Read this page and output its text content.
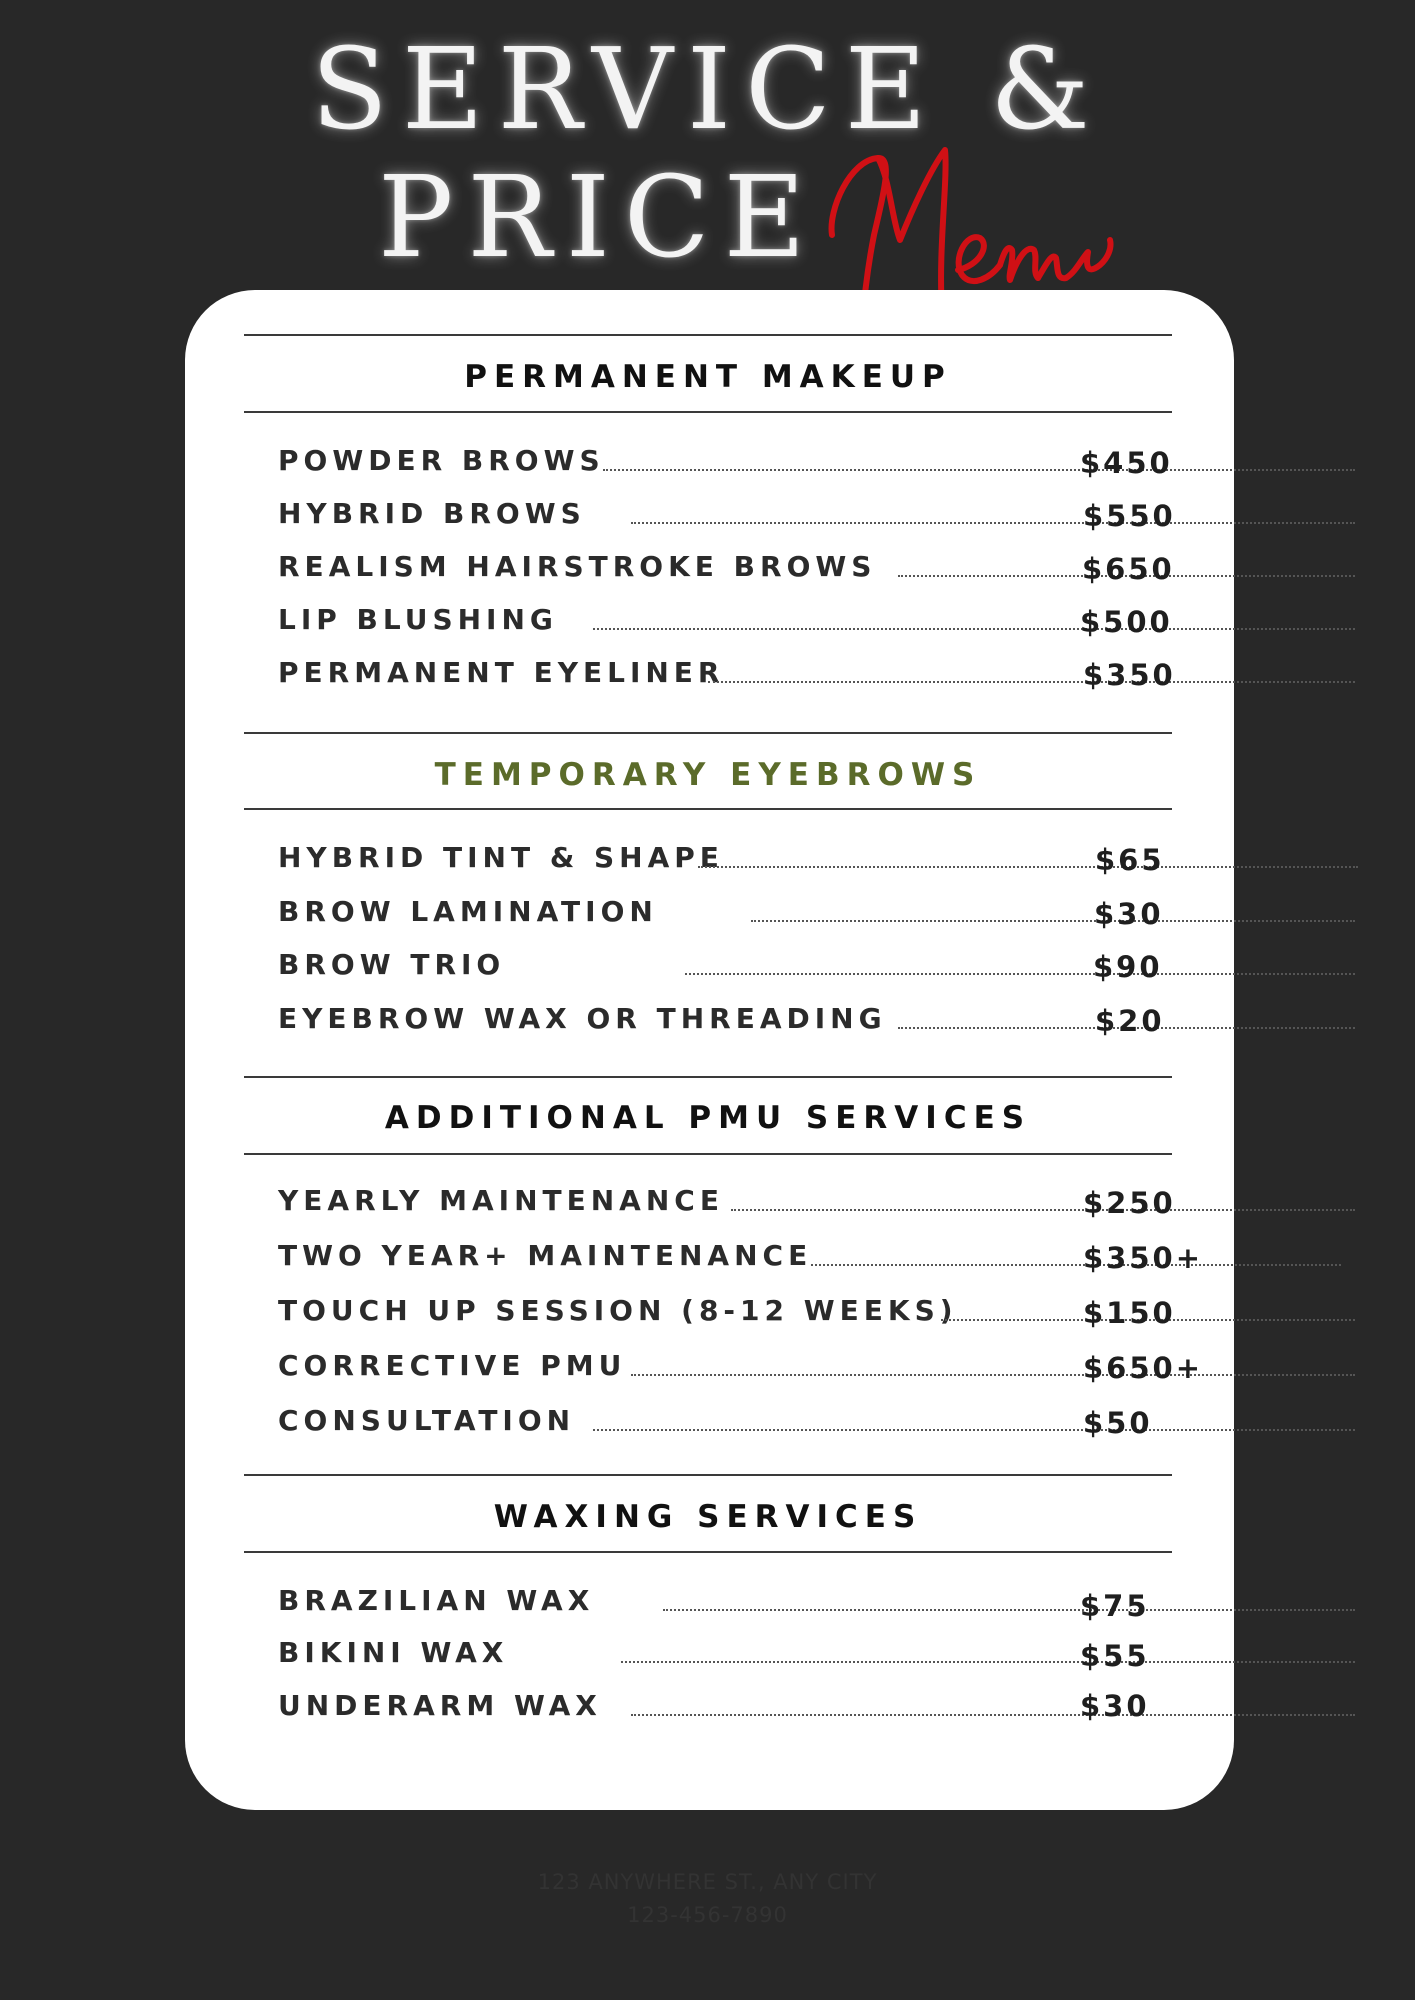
SERVICE &
PRICE
PERMANENT MAKEUP
POWDER BROWS	$450
HYBRID BROWS	$550
REALISM HAIRSTROKE BROWS	$650
LIP BLUSHING	$500
PERMANENT EYELINER	$350
TEMPORARY EYEBROWS
HYBRID TINT & SHAPE	$65
BROW LAMINATION	$30
BROW TRIO	$90
EYEBROW WAX OR THREADING	$20
ADDITIONAL PMU SERVICES
YEARLY MAINTENANCE	$250
TWO YEAR+ MAINTENANCE	$350+
TOUCH UP SESSION (8-12 WEEKS)	$150
CORRECTIVE PMU	$650+
CONSULTATION	$50
WAXING SERVICES
BRAZILIAN WAX	$75
BIKINI WAX	$55
UNDERARM WAX	$30
123 ANYWHERE ST., ANY CITY
123-456-7890
